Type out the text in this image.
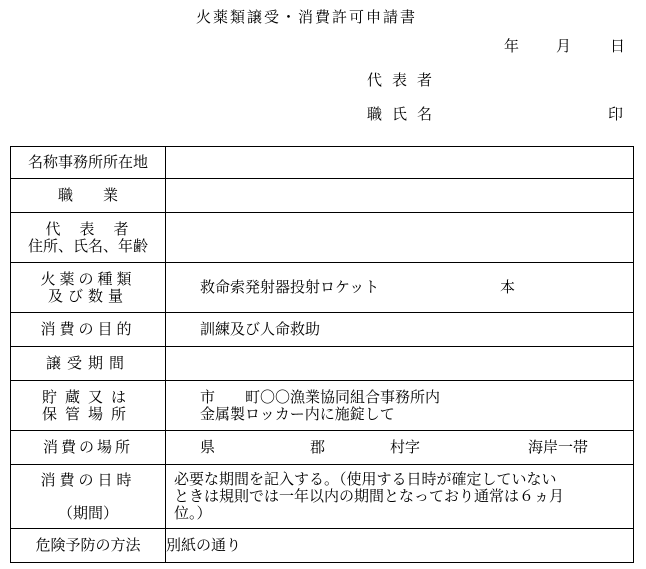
火薬類譲受・消費許可申請書
年 月	日
代表者
職氏名	印
名称事務所所在地	
職　　業	

代　表　者
住所、氏名、年齢	

火薬の種類
及び数量	救命索発射器投射ロケット 本
消費の目的	訓練及び人命救助
譲受期間	

貯蔵又は
保管場所	市　　町〇〇漁業協同組合事務所内
金属製ロッカー内に施錠して

消費の場所	県 郡 村字 海岸一帯

消費の日時
（期間）	必要な期間を記入する。（使用する日時が確定していない
ときは規則では一年以内の期間となっており通常は６ヵ月
位。）

危険予防の方法	別紙の通り
